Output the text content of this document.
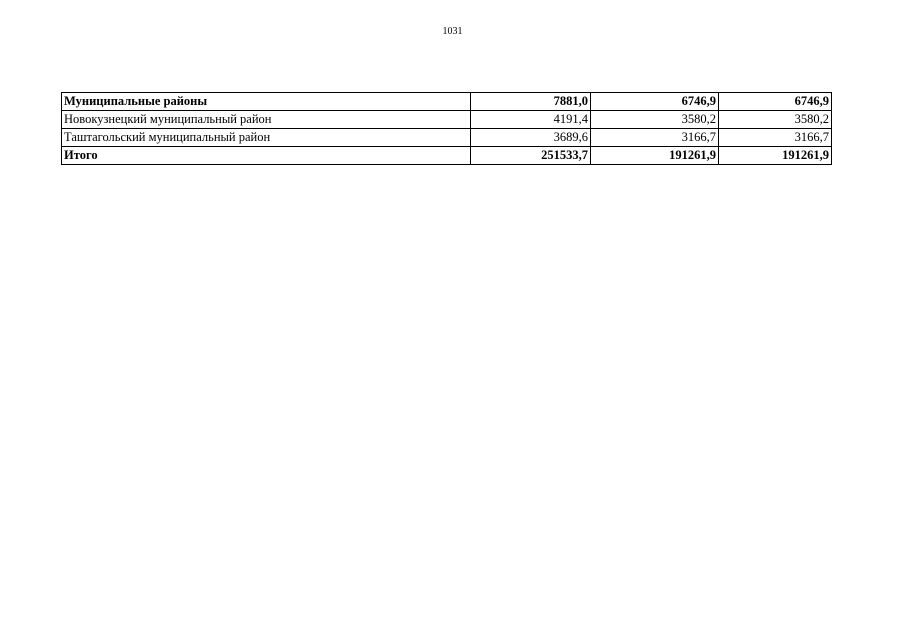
1031
Муниципальные районы	7881,0	6746,9	6746,9
Новокузнецкий муниципальный район	4191,4	3580,2	3580,2
Таштагольский муниципальный район	3689,6	3166,7	3166,7
Итого	251533,7	191261,9	191261,9
